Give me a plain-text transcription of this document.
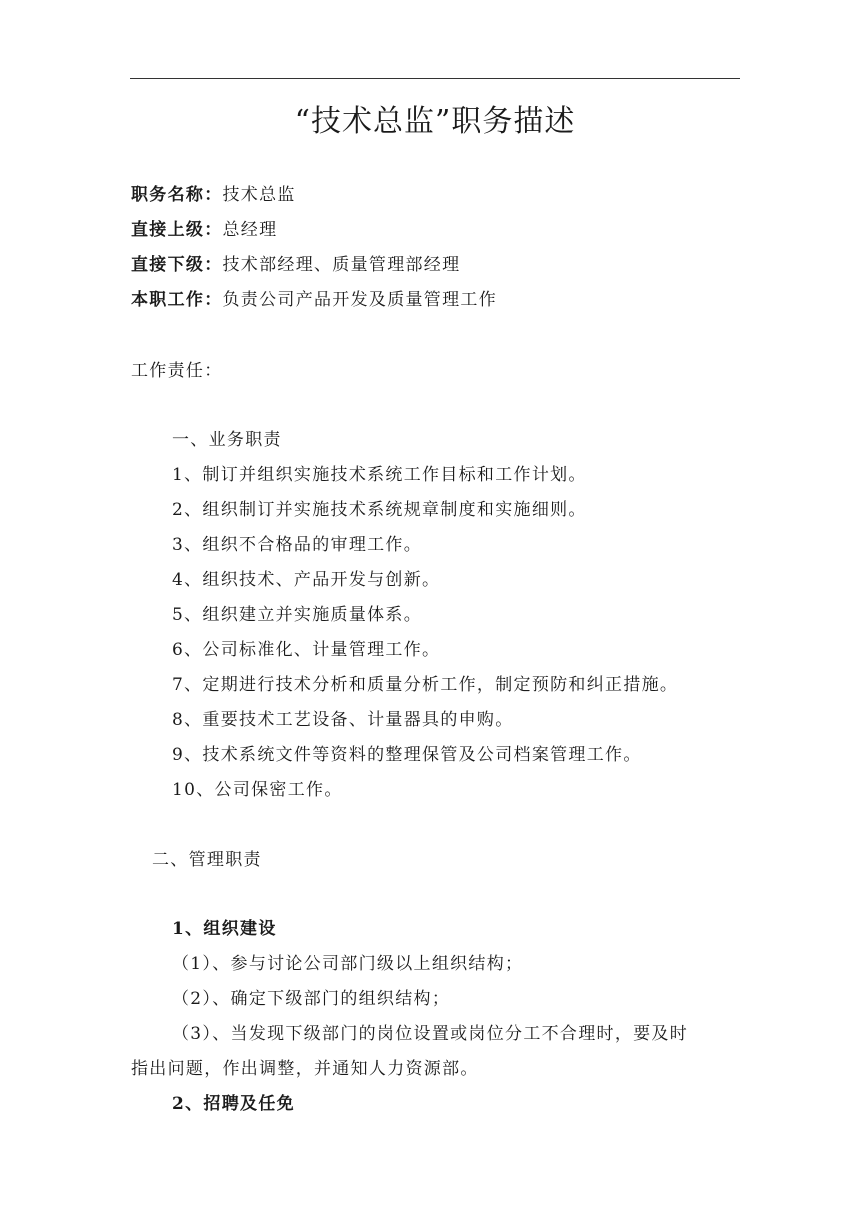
“技术总监”职务描述
职务名称：技术总监
直接上级：总经理
直接下级：技术部经理、质量管理部经理
本职工作：负责公司产品开发及质量管理工作
工作责任：
一、业务职责
1、制订并组织实施技术系统工作目标和工作计划。
2、组织制订并实施技术系统规章制度和实施细则。
3、组织不合格品的审理工作。
4、组织技术、产品开发与创新。
5、组织建立并实施质量体系。
6、公司标准化、计量管理工作。
7、定期进行技术分析和质量分析工作，制定预防和纠正措施。
8、重要技术工艺设备、计量器具的申购。
9、技术系统文件等资料的整理保管及公司档案管理工作。
10、公司保密工作。
二、管理职责
1、组织建设
（1）、参与讨论公司部门级以上组织结构；
（2）、确定下级部门的组织结构；
（3）、当发现下级部门的岗位设置或岗位分工不合理时，要及时
指出问题，作出调整，并通知人力资源部。
2、招聘及任免
